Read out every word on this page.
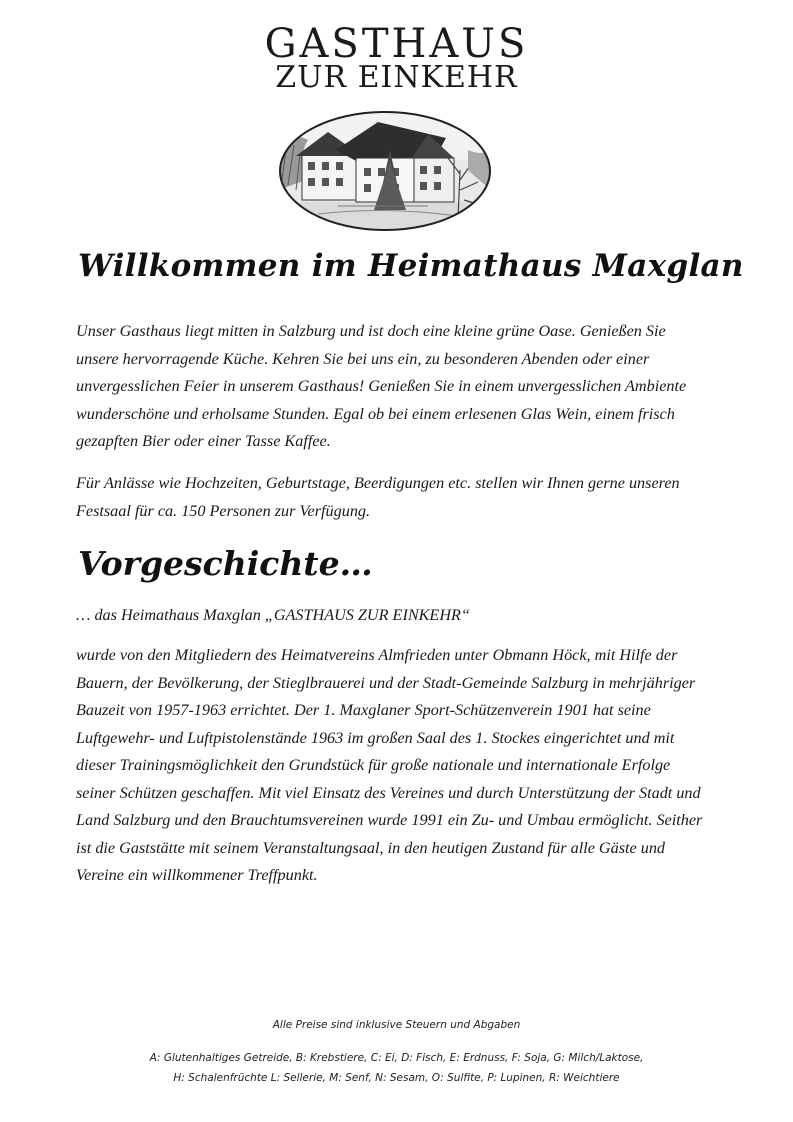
GASTHAUS
ZUR EINKEHR
Willkommen im Heimathaus Maxglan

Unser Gasthaus liegt mitten in Salzburg und ist doch eine kleine grüne Oase. Genießen Sie unsere hervorragende Küche. Kehren Sie bei uns ein, zu besonderen Abenden oder einer unvergesslichen Feier in unserem Gasthaus! Genießen Sie in einem unvergesslichen Ambiente wunderschöne und erholsame Stunden. Egal ob bei einem erlesenen Glas Wein, einem frisch gezapften Bier oder einer Tasse Kaffee.

Für Anlässe wie Hochzeiten, Geburtstage, Beerdigungen etc. stellen wir Ihnen gerne unseren Festsaal für ca. 150 Personen zur Verfügung.

Vorgeschichte…

… das Heimathaus Maxglan „GASTHAUS ZUR EINKEHR“

wurde von den Mitgliedern des Heimatvereins Almfrieden unter Obmann Höck, mit Hilfe der Bauern, der Bevölkerung, der Stieglbrauerei und der Stadt-Gemeinde Salzburg in mehrjähriger Bauzeit von 1957-1963 errichtet. Der 1. Maxglaner Sport-Schützenverein 1901 hat seine Luftgewehr- und Luftpistolenstände 1963 im großen Saal des 1. Stockes eingerichtet und mit dieser Trainingsmöglichkeit den Grundstück für große nationale und internationale Erfolge seiner Schützen geschaffen. Mit viel Einsatz des Vereines und durch Unterstützung der Stadt und Land Salzburg und den Brauchtumsvereinen wurde 1991 ein Zu- und Umbau ermöglicht. Seither ist die Gaststätte mit seinem Veranstaltungsaal, in den heutigen Zustand für alle Gäste und Vereine ein willkommener Treffpunkt.

Alle Preise sind inklusive Steuern und Abgaben

A: Glutenhaltiges Getreide, B: Krebstiere, C: Ei, D: Fisch, E: Erdnuss, F: Soja, G: Milch/Laktose,

H: Schalenfrüchte L: Sellerie, M: Senf, N: Sesam, O: Sulfite, P: Lupinen, R: Weichtiere
